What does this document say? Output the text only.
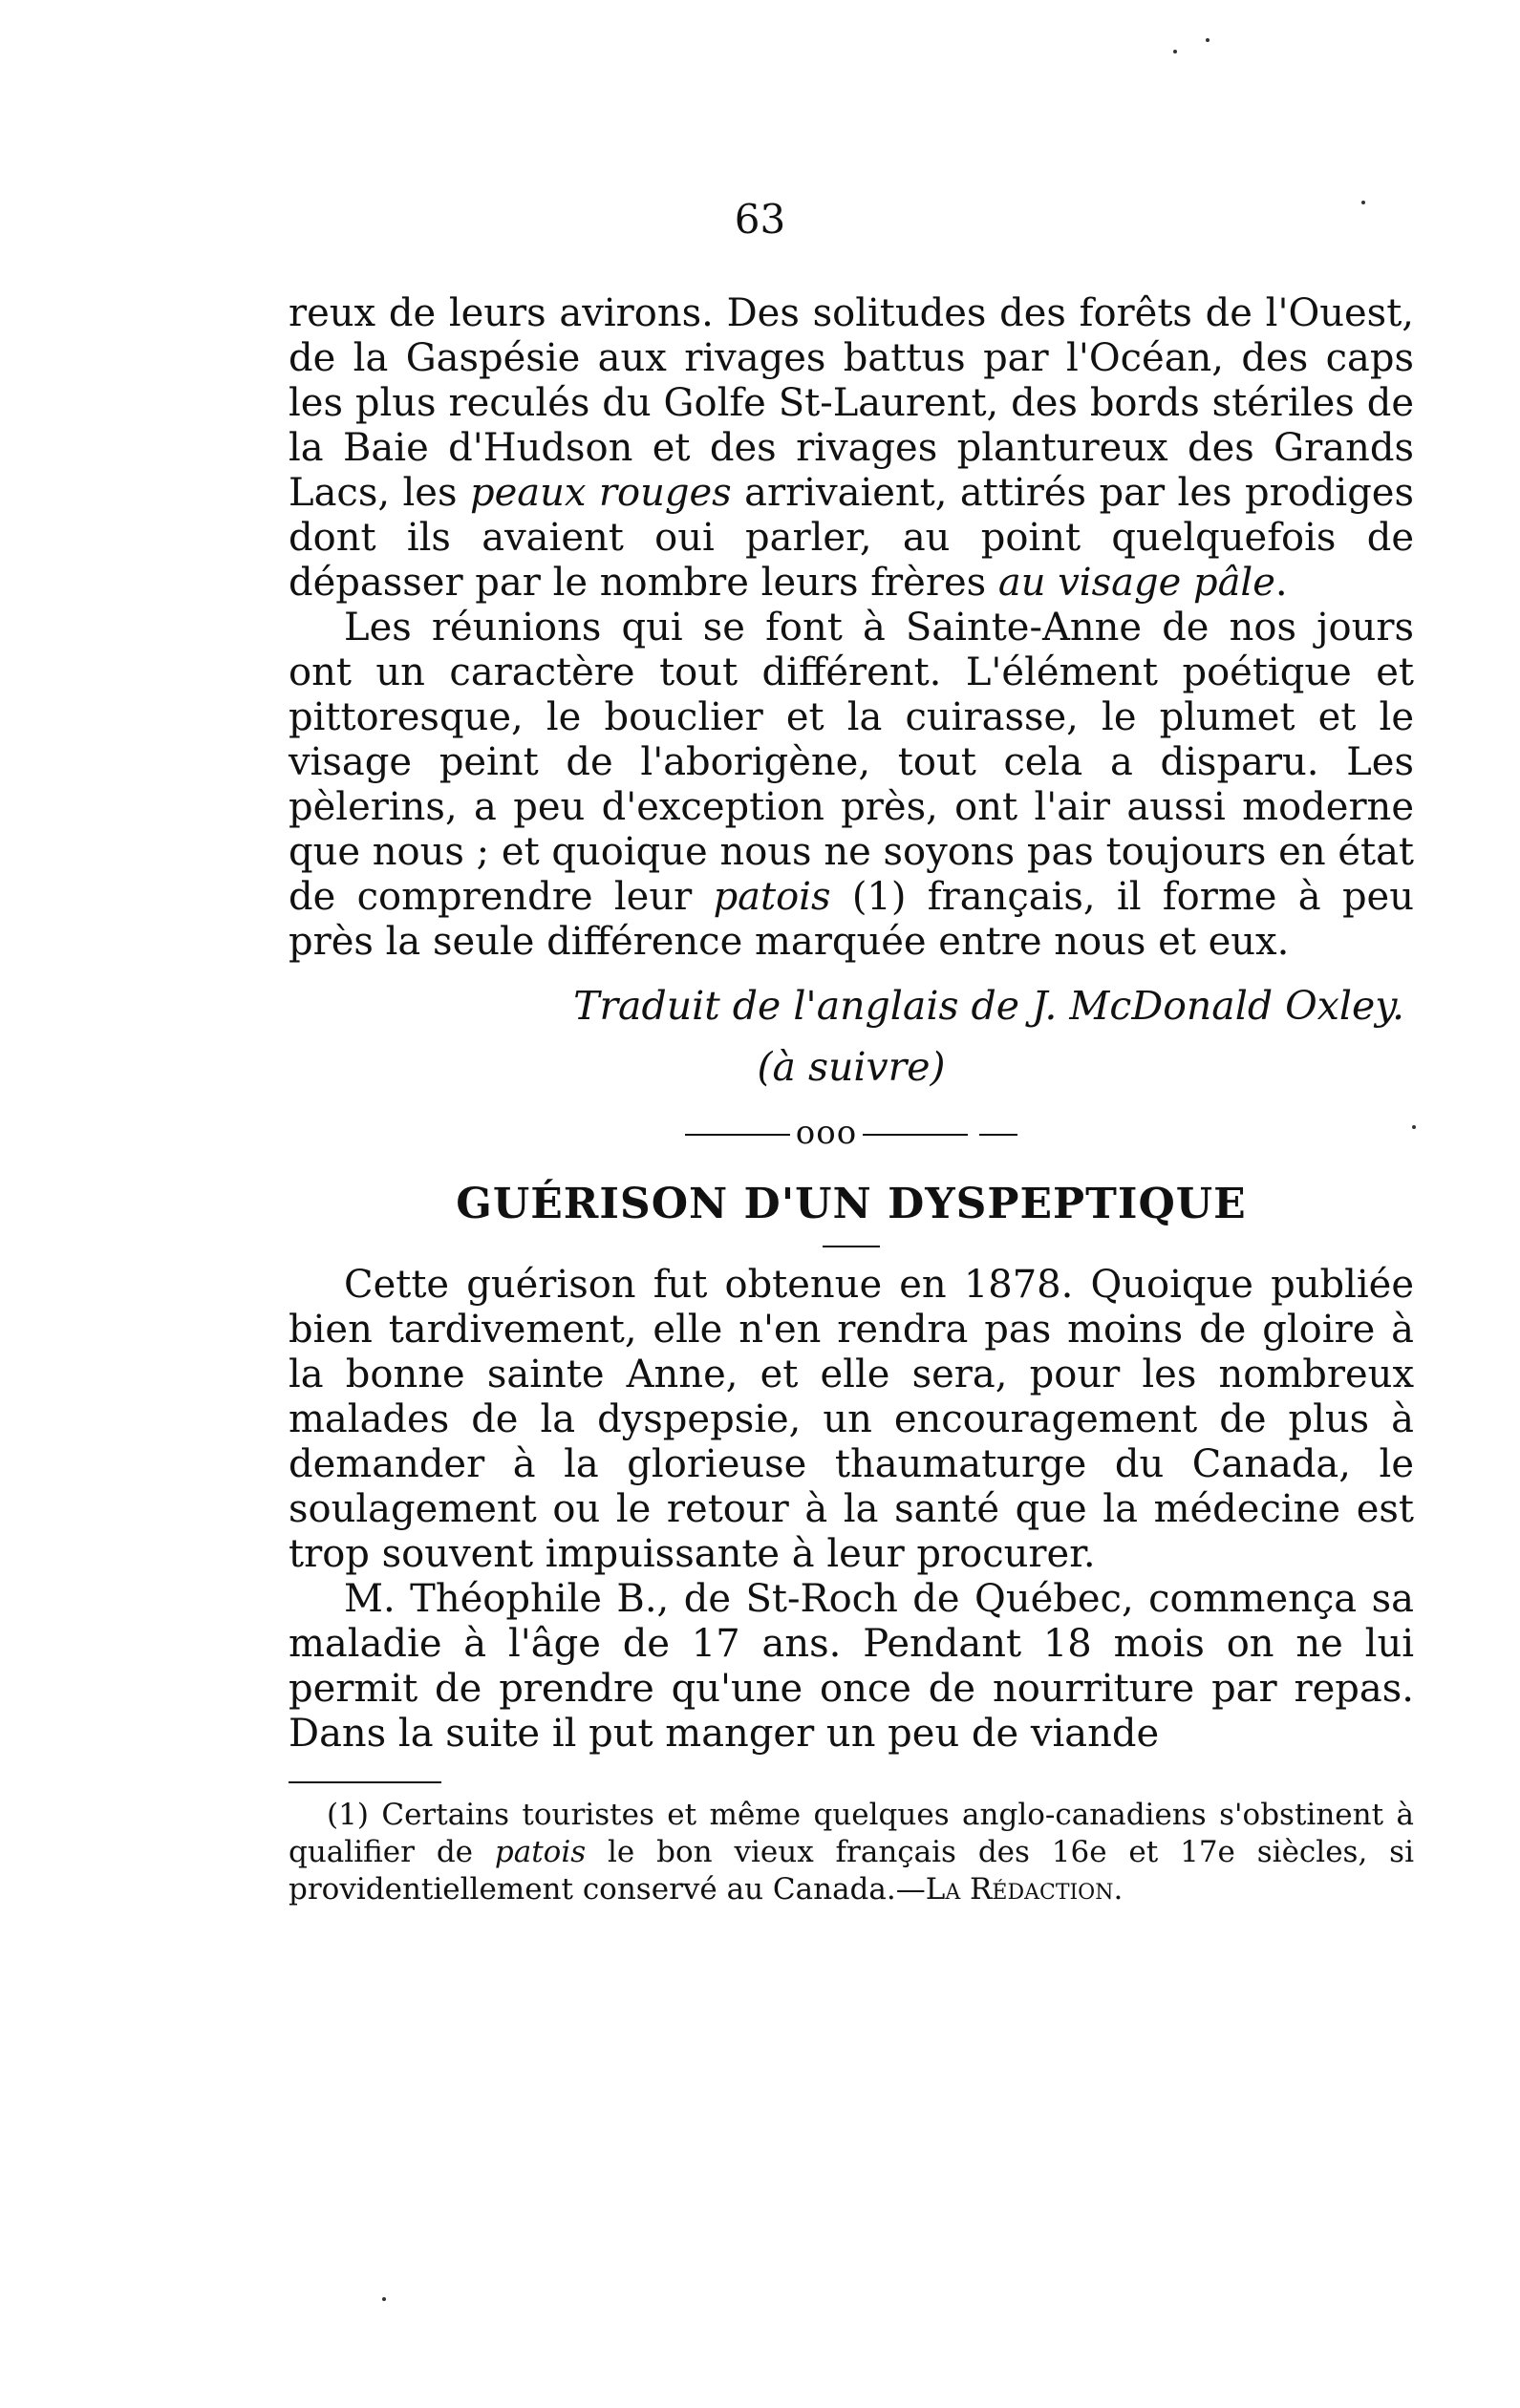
63

reux de leurs avirons. Des solitudes des forêts de l'Ouest, de la Gaspésie aux rivages battus par l'Océan, des caps les plus reculés du Golfe St-Laurent, des bords stériles de la Baie d'Hudson et des rivages plantureux des Grands Lacs, les peaux rouges arrivaient, attirés par les prodiges dont ils avaient oui parler, au point quelquefois de dépasser par le nombre leurs frères au visage pâle.

Les réunions qui se font à Sainte-Anne de nos jours ont un caractère tout différent. L'élément poétique et pittoresque, le bouclier et la cuirasse, le plumet et le visage peint de l'aborigène, tout cela a disparu. Les pèlerins, a peu d'exception près, ont l'air aussi moderne que nous ; et quoique nous ne soyons pas toujours en état de comprendre leur patois (1) français, il forme à peu près la seule différence marquée entre nous et eux.

Traduit de l'anglais de J. McDonald Oxley.

(à suivre)

ooo
GUÉRISON D'UN DYSPEPTIQUE

Cette guérison fut obtenue en 1878. Quoique publiée bien tardivement, elle n'en rendra pas moins de gloire à la bonne sainte Anne, et elle sera, pour les nombreux malades de la dyspepsie, un encouragement de plus à demander à la glorieuse thaumaturge du Canada, le soulagement ou le retour à la santé que la médecine est trop souvent impuissante à leur procurer.

M. Théophile B., de St-Roch de Québec, commença sa maladie à l'âge de 17 ans. Pendant 18 mois on ne lui permit de prendre qu'une once de nourriture par repas. Dans la suite il put manger un peu de viande

(1) Certains touristes et même quelques anglo-canadiens s'obstinent à qualifier de patois le bon vieux français des 16e et 17e siècles, si providentiellement conservé au Canada.—La Rédaction.
